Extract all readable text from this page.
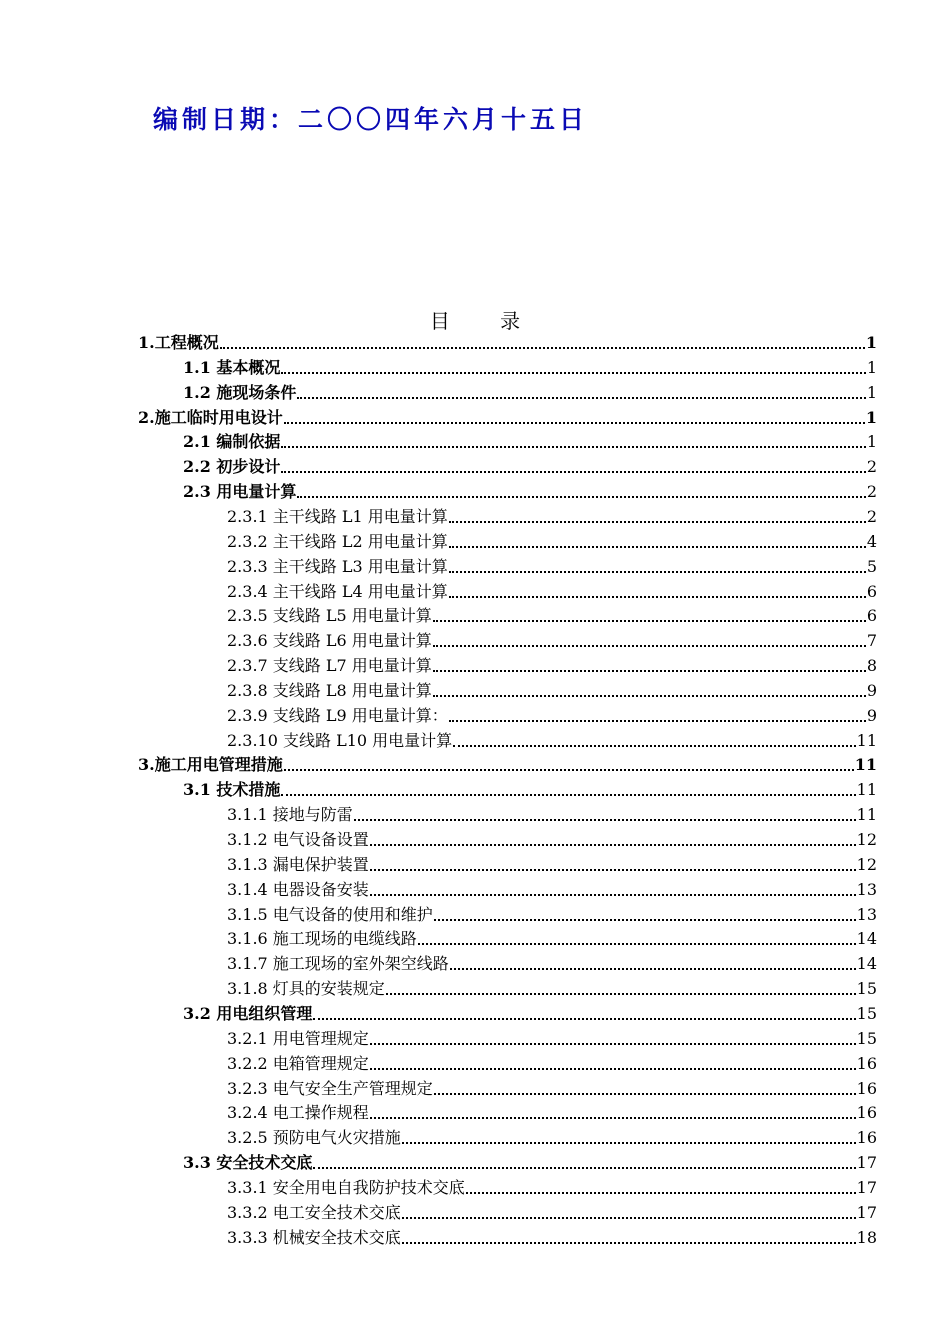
编制日期：二〇〇四年六月十五日
目 录
1.工程概况	1
1.1 基本概况	1
1.2 施现场条件	1
2.施工临时用电设计	1
2.1 编制依据	1
2.2 初步设计	2
2.3 用电量计算	2
2.3.1 主干线路 L1 用电量计算	2
2.3.2 主干线路 L2 用电量计算	4
2.3.3 主干线路 L3 用电量计算	5
2.3.4 主干线路 L4 用电量计算	6
2.3.5 支线路 L5 用电量计算	6
2.3.6 支线路 L6 用电量计算	7
2.3.7 支线路 L7 用电量计算	8
2.3.8 支线路 L8 用电量计算	9
2.3.9 支线路 L9 用电量计算：	9
2.3.10 支线路 L10 用电量计算	11
3.施工用电管理措施	11
3.1 技术措施	11
3.1.1 接地与防雷	11
3.1.2 电气设备设置	12
3.1.3 漏电保护装置	12
3.1.4 电器设备安装	13
3.1.5 电气设备的使用和维护	13
3.1.6 施工现场的电缆线路	14
3.1.7 施工现场的室外架空线路	14
3.1.8 灯具的安装规定	15
3.2 用电组织管理	15
3.2.1 用电管理规定	15
3.2.2 电箱管理规定	16
3.2.3 电气安全生产管理规定	16
3.2.4 电工操作规程	16
3.2.5 预防电气火灾措施	16
3.3 安全技术交底	17
3.3.1 安全用电自我防护技术交底	17
3.3.2 电工安全技术交底	17
3.3.3 机械安全技术交底	18
